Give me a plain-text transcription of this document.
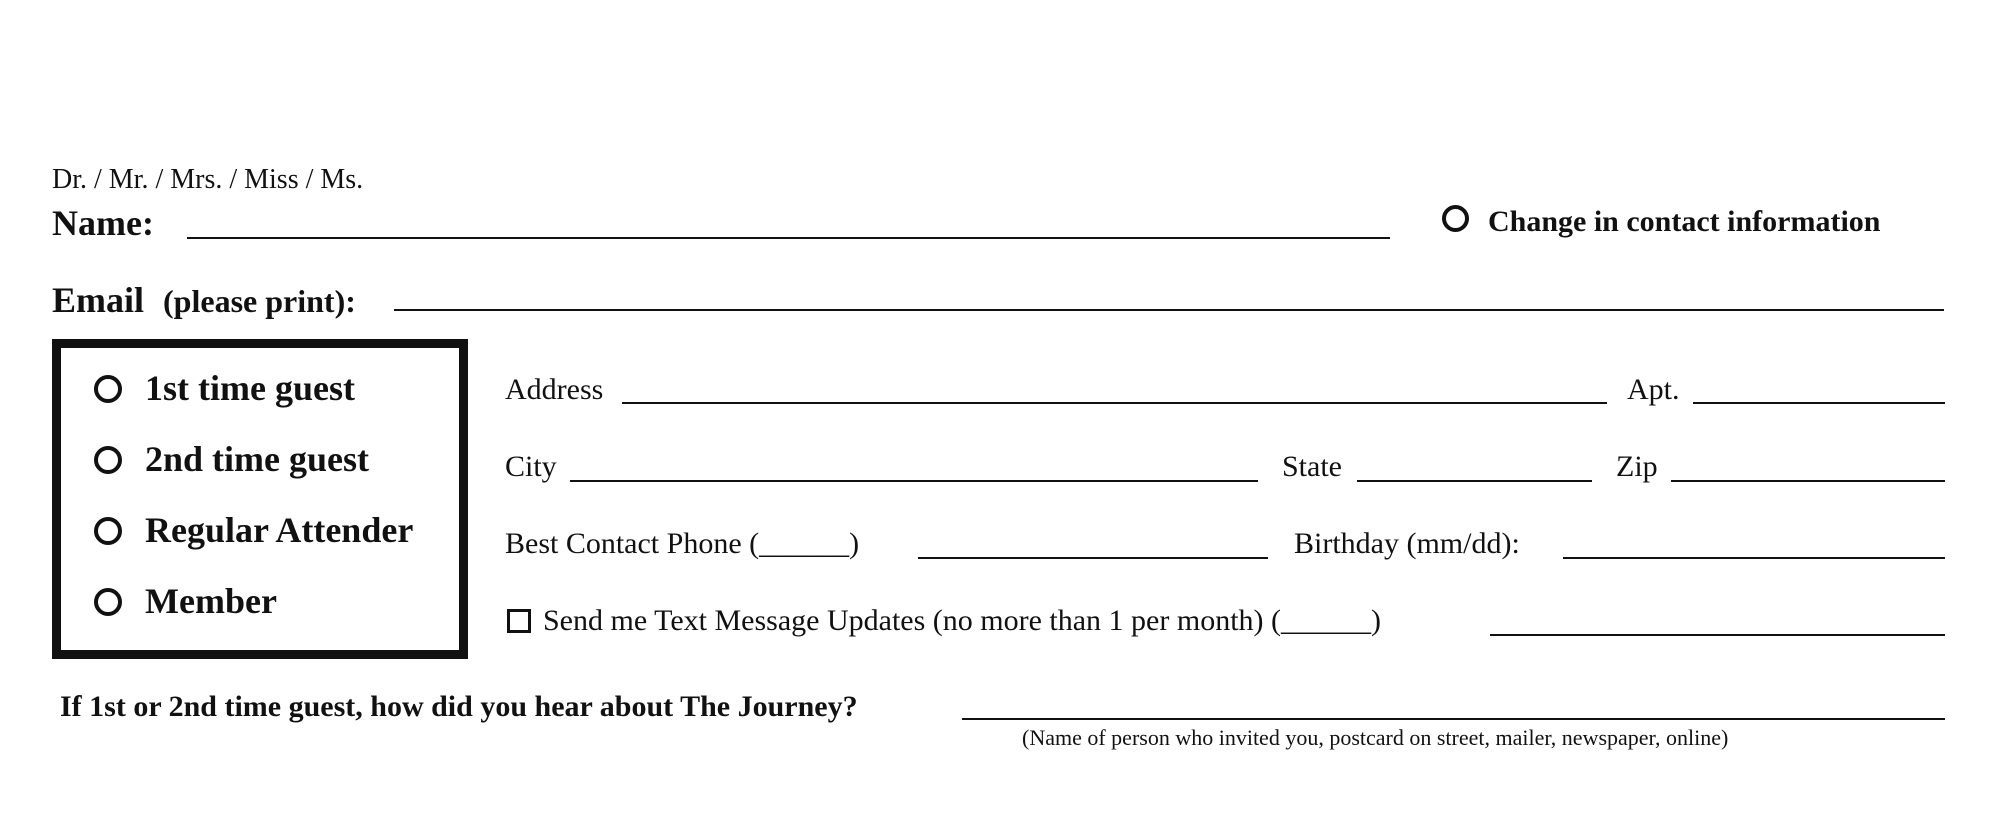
Dr. / Mr. / Mrs. / Miss / Ms.
Name:	Change in contact information
Email (please print):
1st time guest
2nd time guest
Regular Attender
Member
Address	Apt.
City	State	Zip
Best Contact Phone (______)	Birthday (mm/dd):
Send me Text Message Updates (no more than 1 per month) (______)
If 1st or 2nd time guest, how did you hear about The Journey?
(Name of person who invited you, postcard on street, mailer, newspaper, online)
